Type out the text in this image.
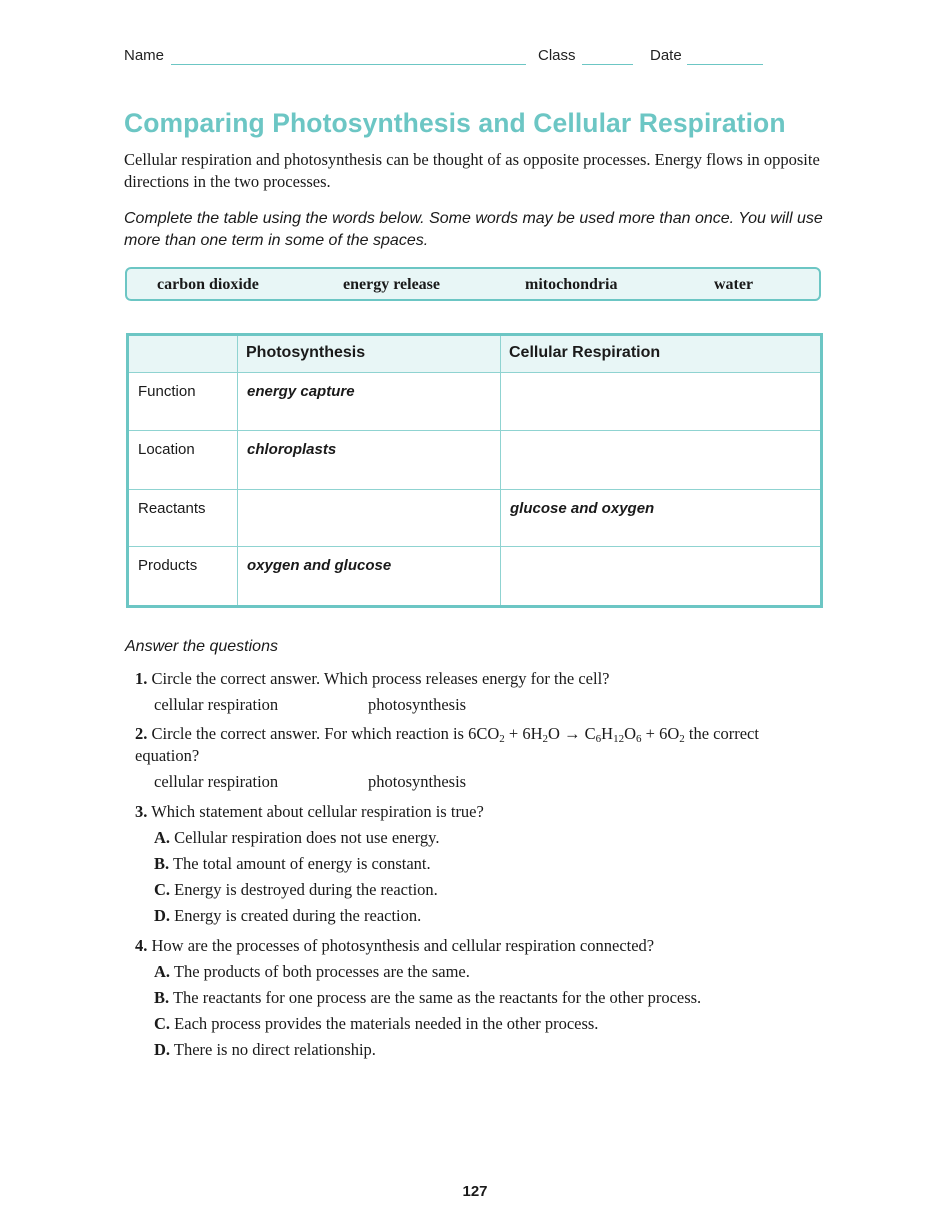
Name	Class	Date
Comparing Photosynthesis and Cellular Respiration

Cellular respiration and photosynthesis can be thought of as opposite processes. Energy flows in opposite directions in the two processes.

Complete the table using the words below. Some words may be used more than once. You will use more than one term in some of the spaces.

carbon dioxide	energy release	mitochondria	water
	Photosynthesis	Cellular Respiration
Function	energy capture	
Location	chloroplasts	
Reactants		glucose and oxygen
Products	oxygen and glucose	

Answer the questions

1. Circle the correct answer. Which process releases energy for the cell?
cellular respiration	photosynthesis
2. Circle the correct answer. For which reaction is $6CO_2 + 6H_2O \to C_6H_{12}O_6 + 6O_2$ the correct equation?
cellular respiration	photosynthesis
3. Which statement about cellular respiration is true?
A. Cellular respiration does not use energy.
B. The total amount of energy is constant.
C. Energy is destroyed during the reaction.
D. Energy is created during the reaction.
4. How are the processes of photosynthesis and cellular respiration connected?
A. The products of both processes are the same.
B. The reactants for one process are the same as the reactants for the other process.
C. Each process provides the materials needed in the other process.
D. There is no direct relationship.
127
